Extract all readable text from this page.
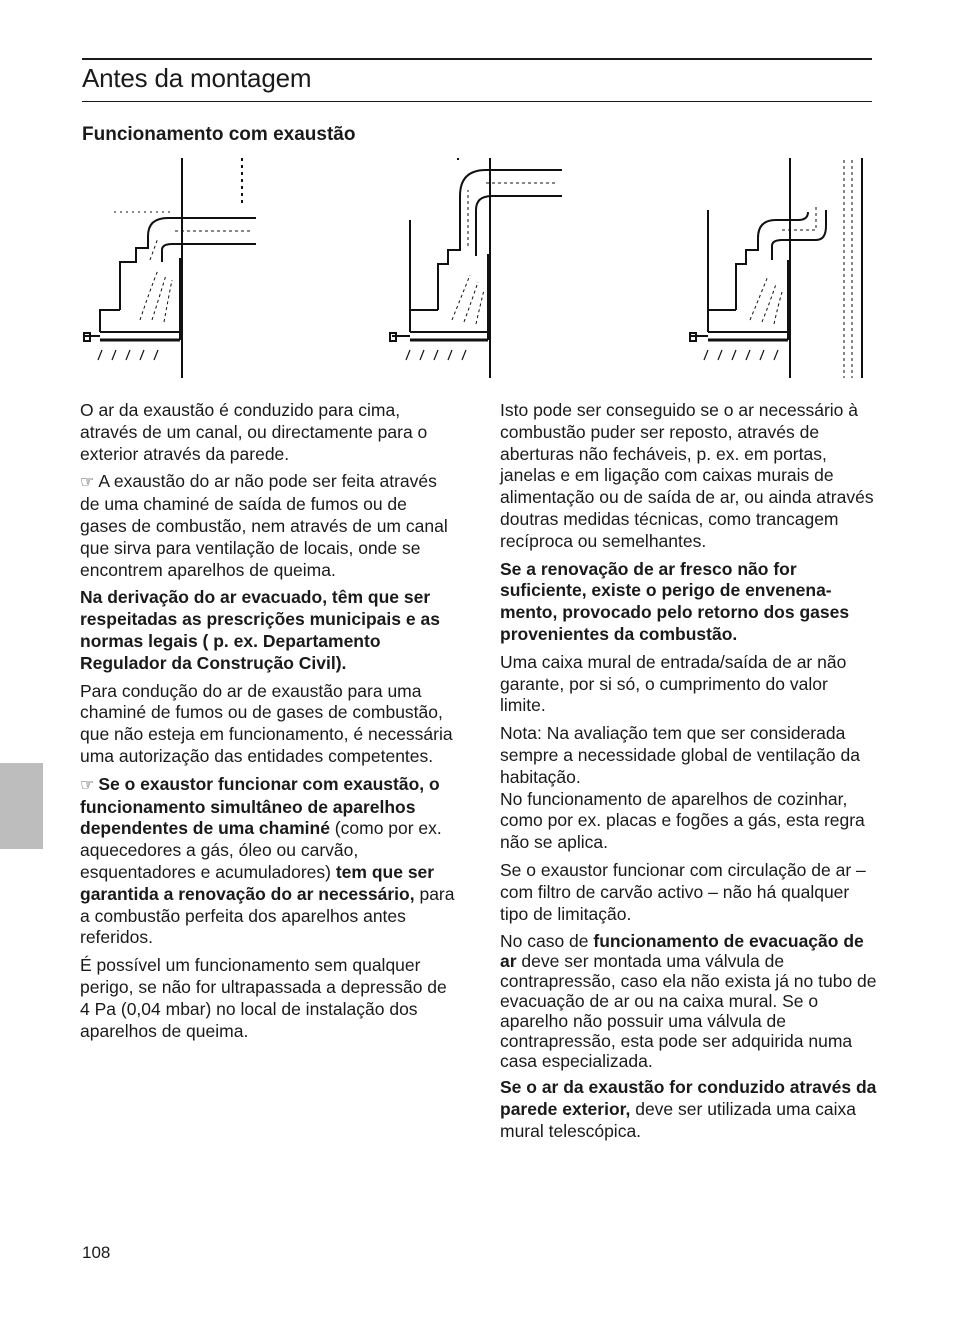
Antes da montagem
Funcionamento com exaustão

O ar da exaustão é conduzido para cima, através de um canal, ou directamente para o exterior através da parede.

☞ A exaustão do ar não pode ser feita através de uma chaminé de saída de fumos ou de gases de combustão, nem através de um canal que sirva para ventilação de locais, onde se encontrem aparelhos de queima.

Na derivação do ar evacuado, têm que ser respeitadas as prescrições municipais e as normas legais ( p. ex. Departamento Regulador da Construção Civil).

Para condução do ar de exaustão para uma chaminé de fumos ou de gases de combustão, que não esteja em funcionamento, é necessária uma autorização das entidades competentes.

☞ Se o exaustor funcionar com exaustão, o funcionamento simultâneo de aparelhos dependentes de uma chaminé (como por ex. aquecedores a gás, óleo ou carvão, esquentadores e acumuladores) tem que ser garantida a renovação do ar necessário, para a combustão perfeita dos aparelhos antes referidos.

É possível um funcionamento sem qualquer perigo, se não for ultrapassada a depressão de 4 Pa (0,04 mbar) no local de instalação dos aparelhos de queima.

Isto pode ser conseguido se o ar necessário à combustão puder ser reposto, através de aberturas não fecháveis, p. ex. em portas, janelas e em ligação com caixas murais de alimentação ou de saída de ar, ou ainda através doutras medidas técnicas, como trancagem recíproca ou semelhantes.

Se a renovação de ar fresco não for suficiente, existe o perigo de envenena-mento, provocado pelo retorno dos gases provenientes da combustão.

Uma caixa mural de entrada/saída de ar não garante, por si só, o cumprimento do valor limite.

Nota: Na avaliação tem que ser considerada sempre a necessidade global de ventilação da habitação.
No funcionamento de aparelhos de cozinhar, como por ex. placas e fogões a gás, esta regra não se aplica.

Se o exaustor funcionar com circulação de ar – com filtro de carvão activo – não há qualquer tipo de limitação.

No caso de funcionamento de evacuação de ar deve ser montada uma válvula de contrapressão, caso ela não exista já no tubo de evacuação de ar ou na caixa mural. Se o aparelho não possuir uma válvula de contrapressão, esta pode ser adquirida numa casa especializada.

Se o ar da exaustão for conduzido através da parede exterior, deve ser utilizada uma caixa mural telescópica.

108
